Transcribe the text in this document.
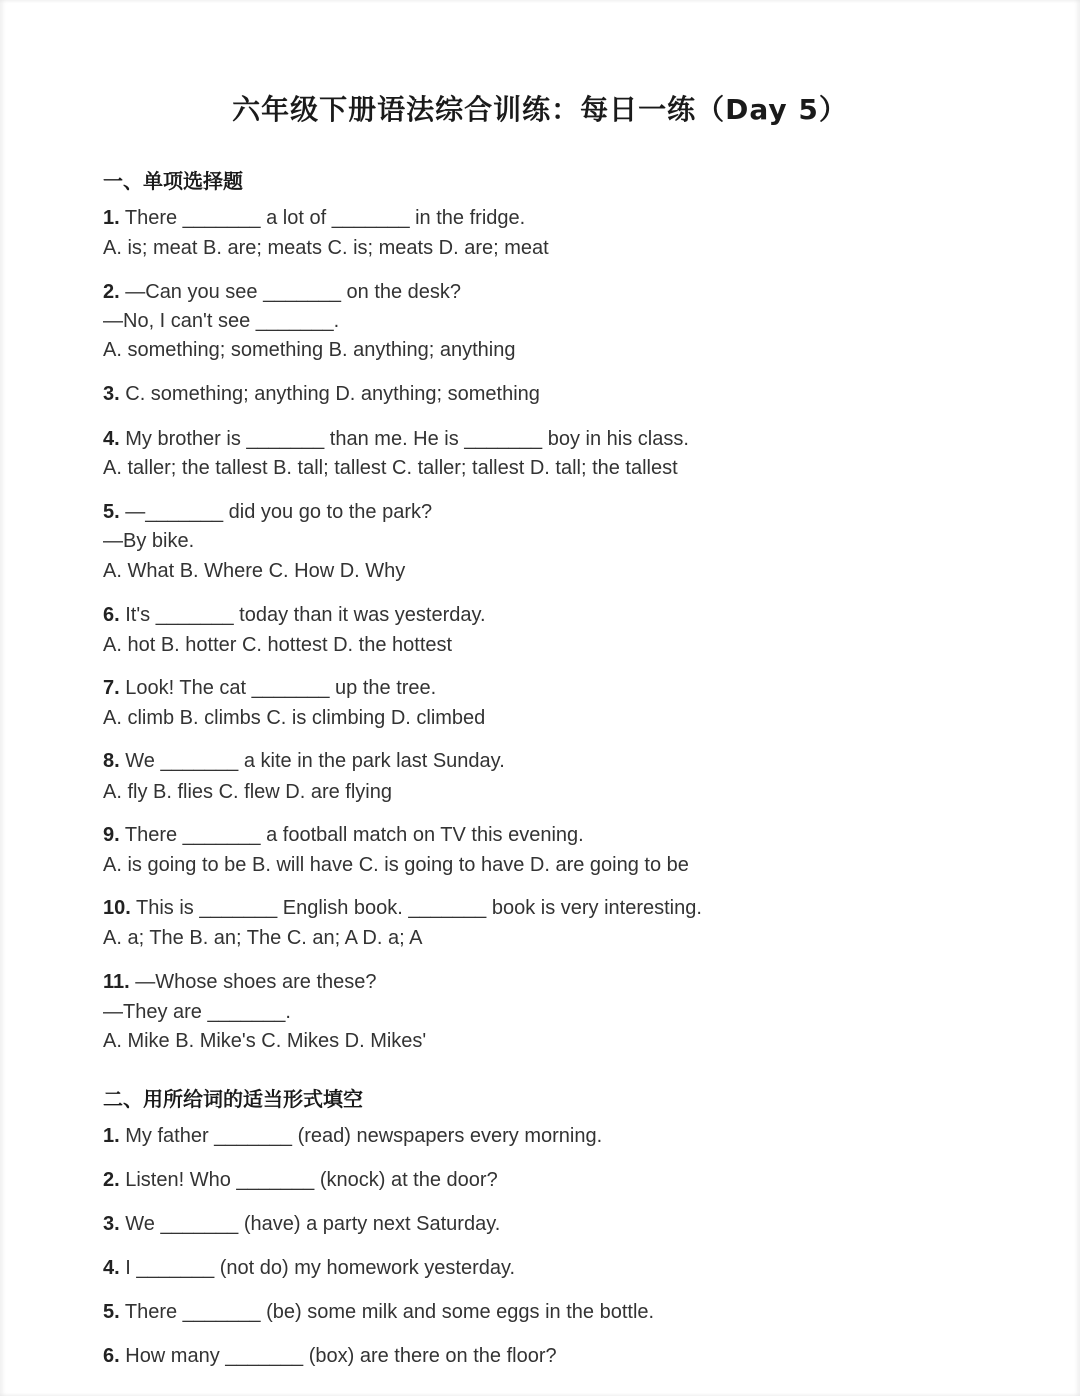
六年级下册语法综合训练：每日一练（Day 5）
一、单项选择题
1. There _______ a lot of _______ in the fridge.
A. is; meat B. are; meats C. is; meats D. are; meat
2. —Can you see _______ on the desk?
—No, I can't see _______.
A. something; something B. anything; anything
3. C. something; anything D. anything; something
4. My brother is _______ than me. He is _______ boy in his class.
A. taller; the tallest B. tall; tallest C. taller; tallest D. tall; the tallest
5. —_______ did you go to the park?
—By bike.
A. What B. Where C. How D. Why
6. It's _______ today than it was yesterday.
A. hot B. hotter C. hottest D. the hottest
7. Look! The cat _______ up the tree.
A. climb B. climbs C. is climbing D. climbed
8. We _______ a kite in the park last Sunday.
A. fly B. flies C. flew D. are flying
9. There _______ a football match on TV this evening.
A. is going to be B. will have C. is going to have D. are going to be
10. This is _______ English book. _______ book is very interesting.
A. a; The B. an; The C. an; A D. a; A
11. —Whose shoes are these?
—They are _______.
A. Mike B. Mike's C. Mikes D. Mikes'
二、用所给词的适当形式填空
1. My father _______ (read) newspapers every morning.
2. Listen! Who _______ (knock) at the door?
3. We _______ (have) a party next Saturday.
4. I _______ (not do) my homework yesterday.
5. There _______ (be) some milk and some eggs in the bottle.
6. How many _______ (box) are there on the floor?
